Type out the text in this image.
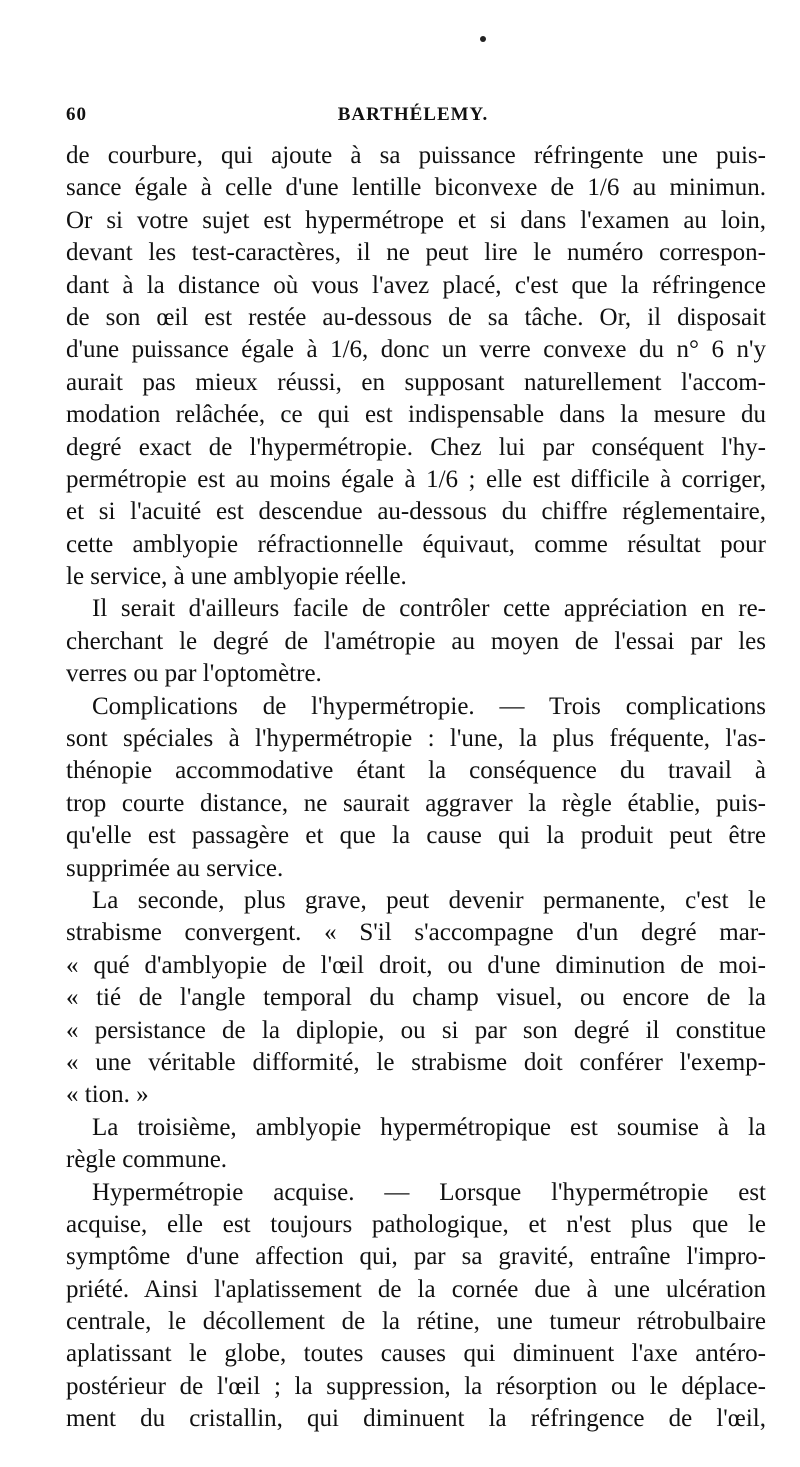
60	BARTHÉLEMY.
de courbure, qui ajoute à sa puissance réfringente une puis-
sance égale à celle d'une lentille biconvexe de 1/6 au minimun.
Or si votre sujet est hypermétrope et si dans l'examen au loin,
devant les test-caractères, il ne peut lire le numéro correspon-
dant à la distance où vous l'avez placé, c'est que la réfringence
de son œil est restée au-dessous de sa tâche. Or, il disposait
d'une puissance égale à 1/6, donc un verre convexe du n° 6 n'y
aurait pas mieux réussi, en supposant naturellement l'accom-
modation relâchée, ce qui est indispensable dans la mesure du
degré exact de l'hypermétropie. Chez lui par conséquent l'hy-
permétropie est au moins égale à 1/6 ; elle est difficile à corriger,
et si l'acuité est descendue au-dessous du chiffre réglementaire,
cette amblyopie réfractionnelle équivaut, comme résultat pour
le service, à une amblyopie réelle.
Il serait d'ailleurs facile de contrôler cette appréciation en re-
cherchant le degré de l'amétropie au moyen de l'essai par les
verres ou par l'optomètre.
Complications de l'hypermétropie. — Trois complications
sont spéciales à l'hypermétropie : l'une, la plus fréquente, l'as-
thénopie accommodative étant la conséquence du travail à
trop courte distance, ne saurait aggraver la règle établie, puis-
qu'elle est passagère et que la cause qui la produit peut être
supprimée au service.
La seconde, plus grave, peut devenir permanente, c'est le
strabisme convergent. « S'il s'accompagne d'un degré mar-
« qué d'amblyopie de l'œil droit, ou d'une diminution de moi-
« tié de l'angle temporal du champ visuel, ou encore de la
« persistance de la diplopie, ou si par son degré il constitue
« une véritable difformité, le strabisme doit conférer l'exemp-
« tion. »
La troisième, amblyopie hypermétropique est soumise à la
règle commune.
Hypermétropie acquise. — Lorsque l'hypermétropie est
acquise, elle est toujours pathologique, et n'est plus que le
symptôme d'une affection qui, par sa gravité, entraîne l'impro-
priété. Ainsi l'aplatissement de la cornée due à une ulcération
centrale, le décollement de la rétine, une tumeur rétrobulbaire
aplatissant le globe, toutes causes qui diminuent l'axe antéro-
postérieur de l'œil ; la suppression, la résorption ou le déplace-
ment du cristallin, qui diminuent la réfringence de l'œil,
